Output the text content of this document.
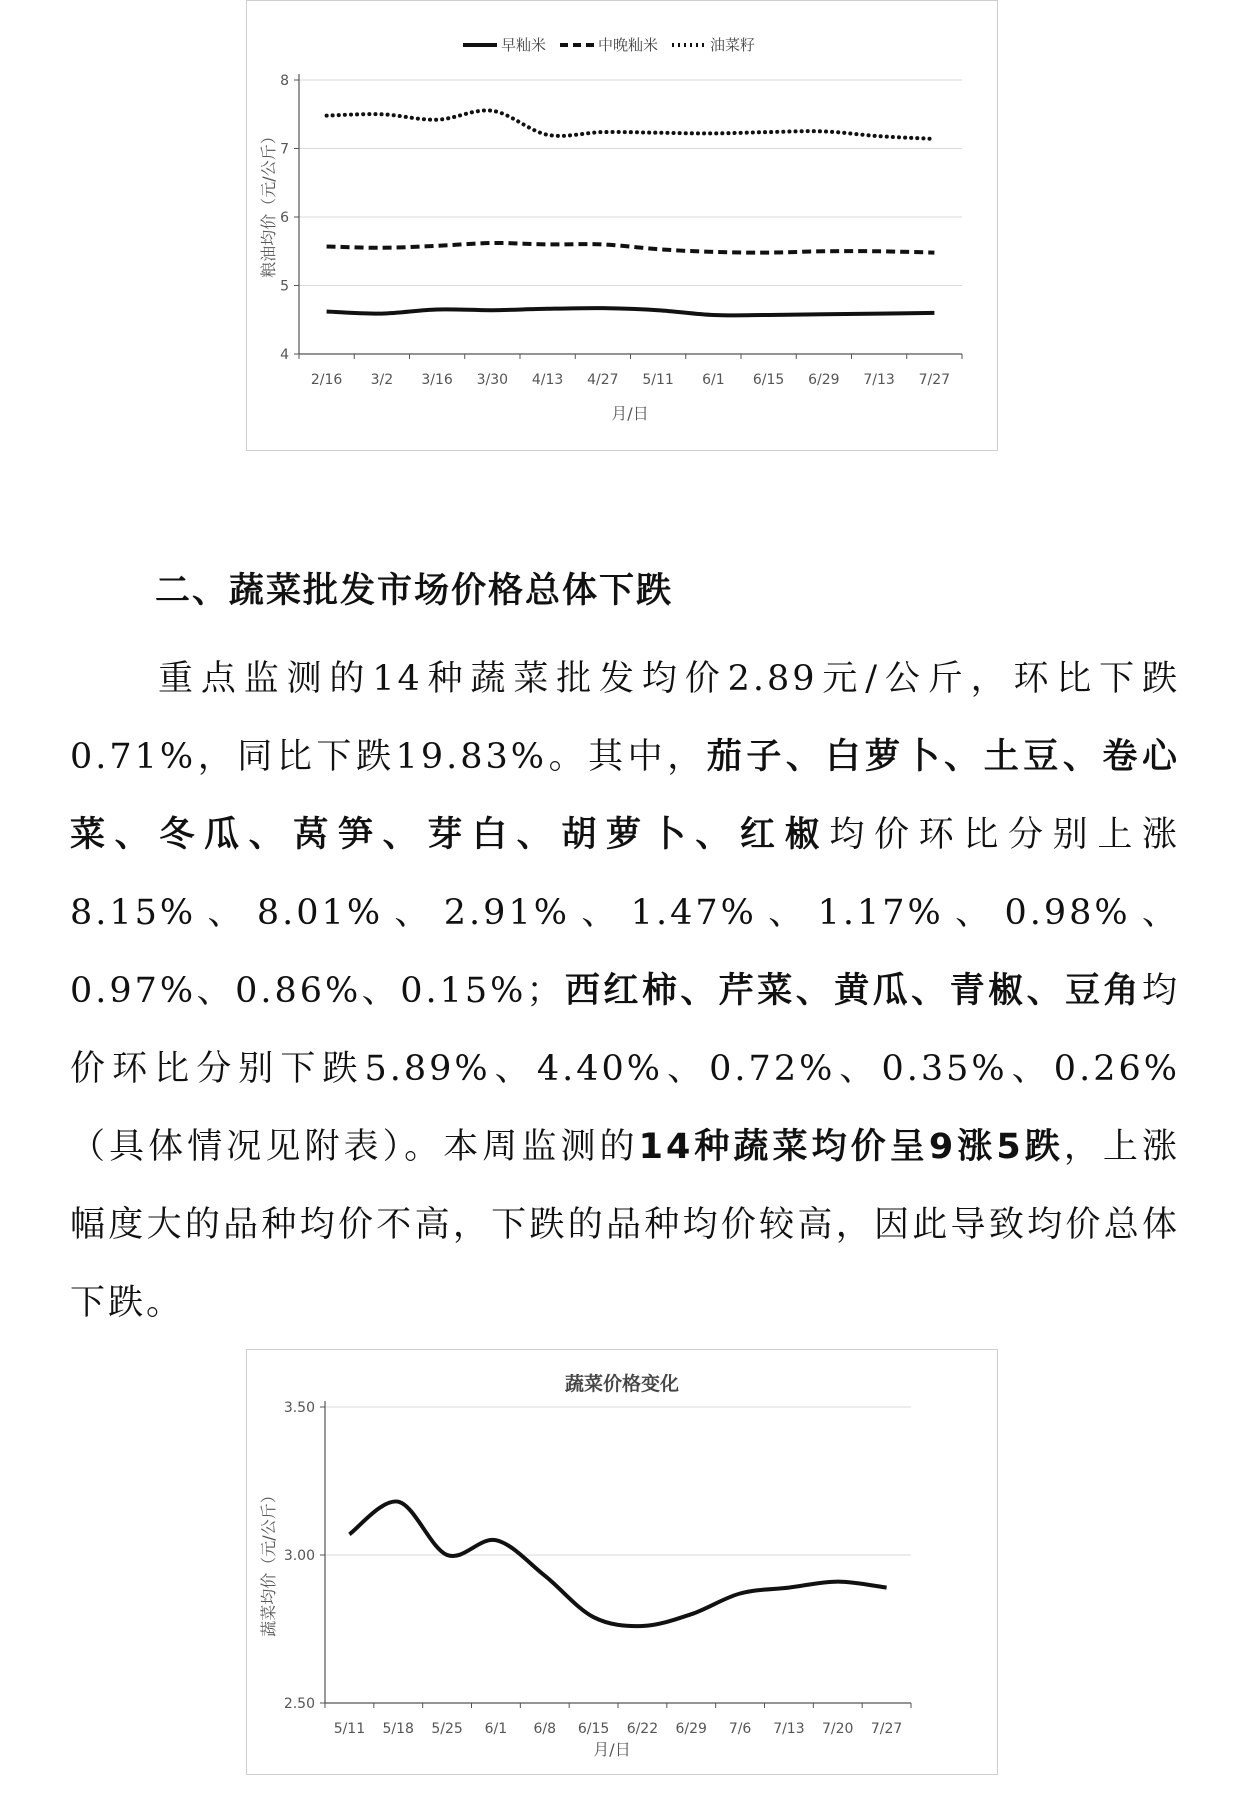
早籼米	中晚籼米	油菜籽
4
5
6
7
8
2/16 3/2 3/16 3/30 4/13 4/27 5/11 6/1 6/15 6/29 7/13 7/27
粮油均价（元/公斤）
月/日
二、蔬菜批发市场价格总体下跌

重点监测的14种蔬菜批发均价2.89元/公斤，环比下跌0.71%，同比下跌19.83%。其中，茄子、白萝卜、土豆、卷心菜、冬瓜、莴笋、芽白、胡萝卜、红椒均价环比分别上涨8.15%、8.01%、2.91%、1.47%、1.17%、0.98%、0.97%、0.86%、0.15%；西红柿、芹菜、黄瓜、青椒、豆角均价环比分别下跌5.89%、4.40%、0.72%、0.35%、0.26%（具体情况见附表）。本周监测的14种蔬菜均价呈9涨5跌，上涨幅度大的品种均价不高，下跌的品种均价较高，因此导致均价总体下跌。

蔬菜价格变化
2.50
3.00
3.50
5/11 5/18 5/25 6/1 6/8 6/15 6/22 6/29 7/6 7/13 7/20 7/27
蔬菜均价（元/公斤）
月/日
